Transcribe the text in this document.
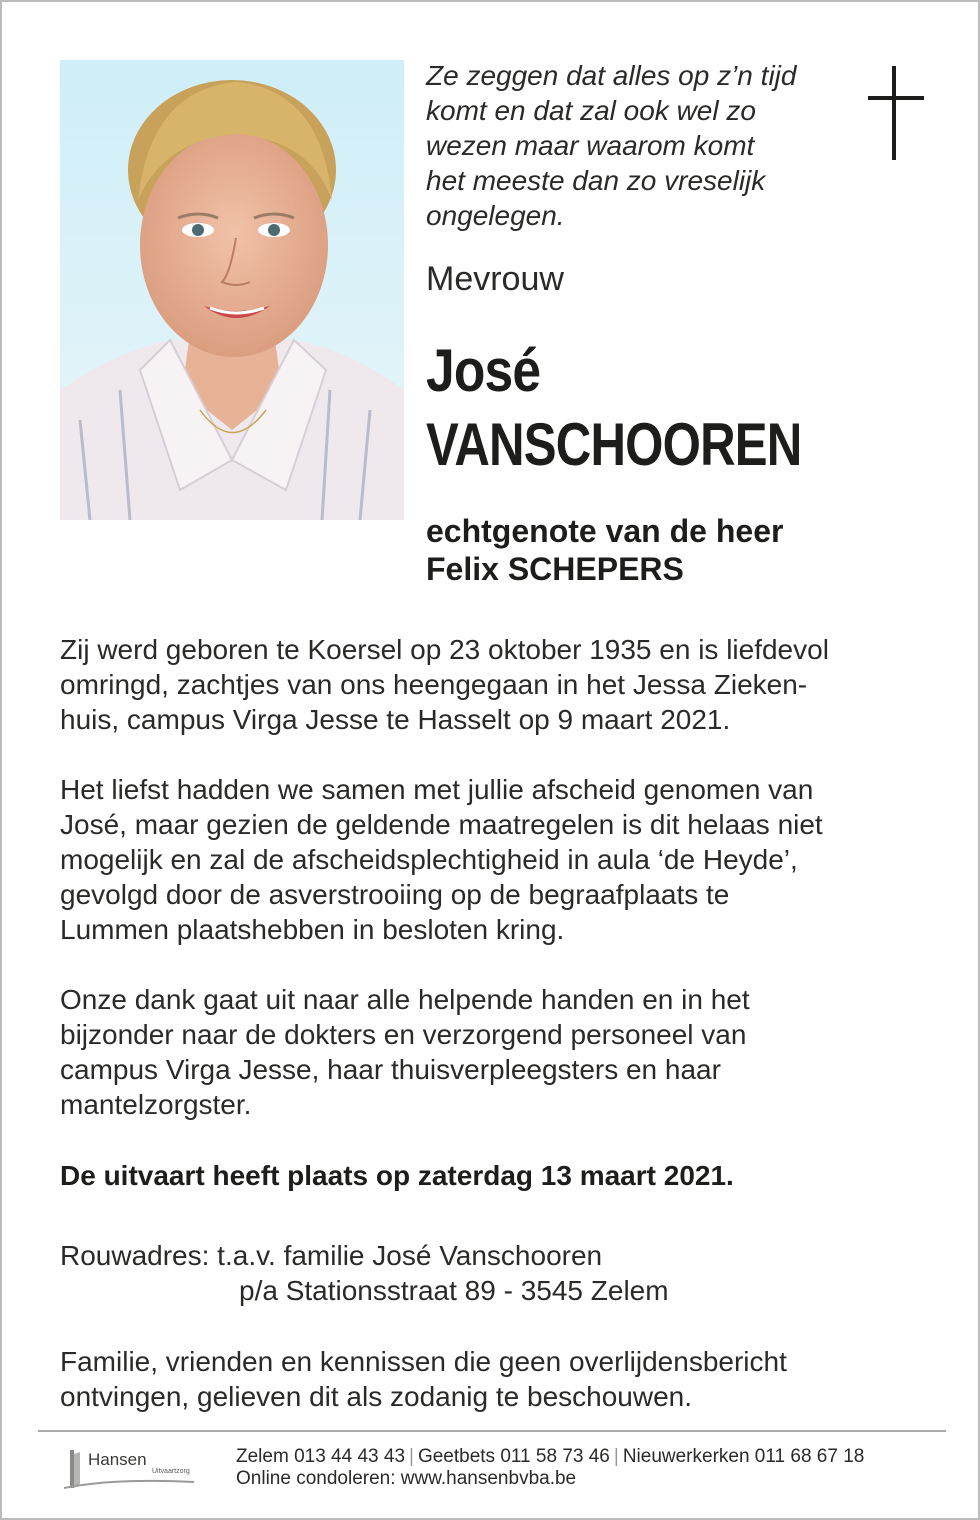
Ze zeggen dat alles op z’n tijd
komt en dat zal ook wel zo
wezen maar waarom komt
het meeste dan zo vreselijk
ongelegen.
Mevrouw
José
VANSCHOOREN
echtgenote van de heer
Felix SCHEPERS
Zij werd geboren te Koersel op 23 oktober 1935 en is liefdevol
omringd, zachtjes van ons heengegaan in het Jessa Zieken-
huis, campus Virga Jesse te Hasselt op 9 maart 2021.
Het liefst hadden we samen met jullie afscheid genomen van
José, maar gezien de geldende maatregelen is dit helaas niet
mogelijk en zal de afscheidsplechtigheid in aula ‘de Heyde’,
gevolgd door de asverstrooiing op de begraafplaats te
Lummen plaatshebben in besloten kring.
Onze dank gaat uit naar alle helpende handen en in het
bijzonder naar de dokters en verzorgend personeel van
campus Virga Jesse, haar thuisverpleegsters en haar
mantelzorgster.
De uitvaart heeft plaats op zaterdag 13 maart 2021.
Rouwadres: t.a.v. familie José Vanschooren
p/a Stationsstraat 89 - 3545 Zelem
Familie, vrienden en kennissen die geen overlijdensbericht
ontvingen, gelieven dit als zodanig te beschouwen.
Hansen
Uitvaartzorg
Zelem 013 44 43 43 | Geetbets 011 58 73 46 | Nieuwerkerken 011 68 67 18
Online condoleren: www.hansenbvba.be
